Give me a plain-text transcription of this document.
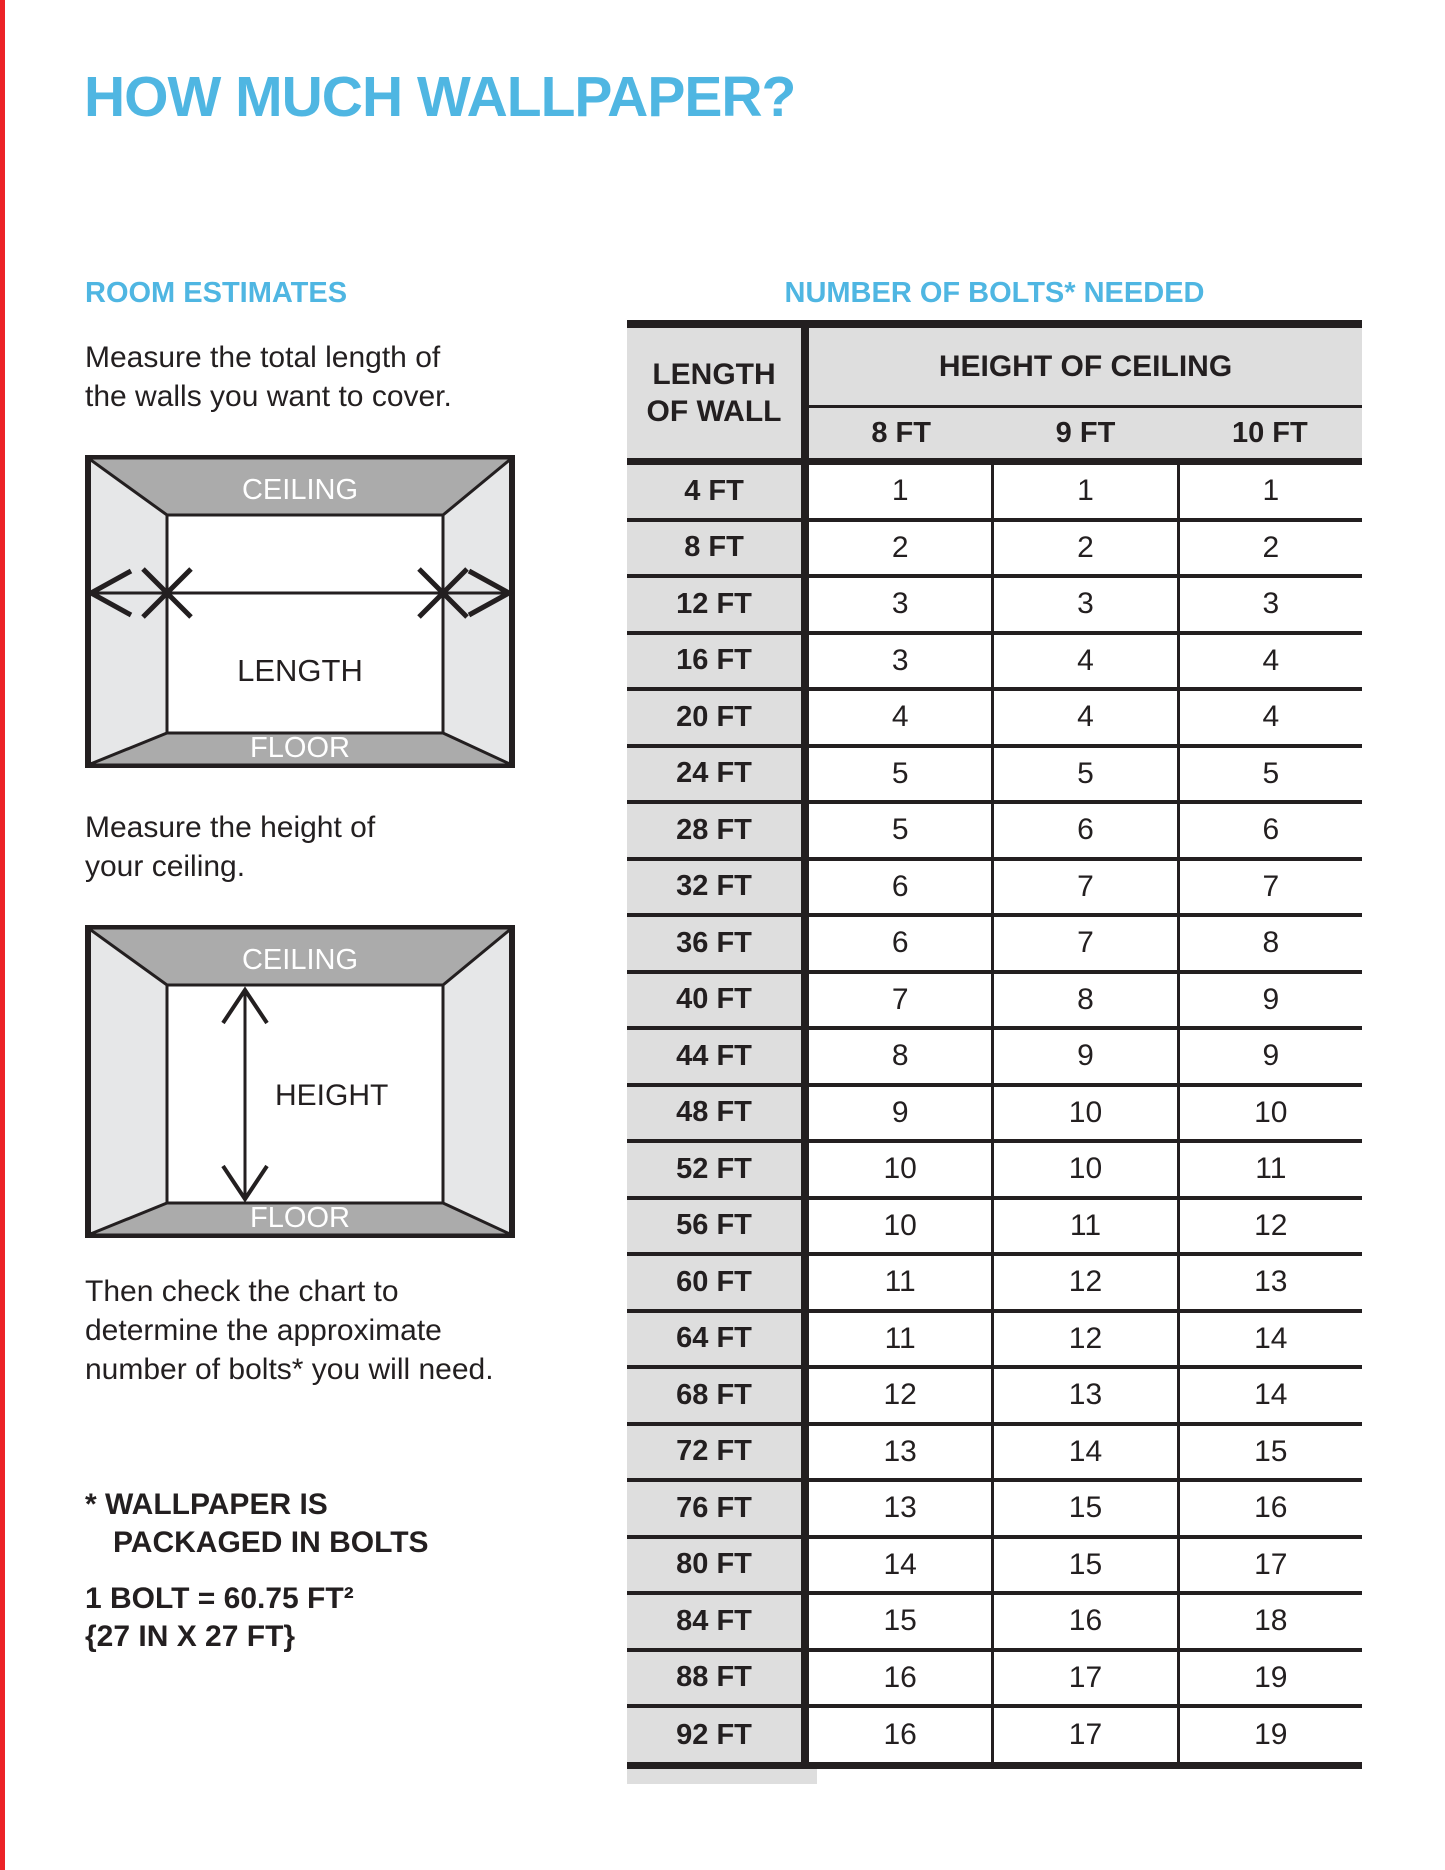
HOW MUCH WALLPAPER?
ROOM ESTIMATES	NUMBER OF BOLTS* NEEDED

Measure the total length of
the walls you want to cover.
CEILING
FLOOR
LENGTH
Measure the height of
your ceiling.
CEILING
FLOOR
HEIGHT
Then check the chart to
determine the approximate
number of bolts* you will need.
* WALLPAPER IS
PACKAGED IN BOLTS
1 BOLT = 60.75 FT²
{27 IN X 27 FT}
LENGTH
OF WALL
HEIGHT OF CEILING
8 FT	9 FT	10 FT
4 FT	1	1	1
8 FT	2	2	2
12 FT	3	3	3
16 FT	3	4	4
20 FT	4	4	4
24 FT	5	5	5
28 FT	5	6	6
32 FT	6	7	7
36 FT	6	7	8
40 FT	7	8	9
44 FT	8	9	9
48 FT	9	10	10
52 FT	10	10	11
56 FT	10	11	12
60 FT	11	12	13
64 FT	11	12	14
68 FT	12	13	14
72 FT	13	14	15
76 FT	13	15	16
80 FT	14	15	17
84 FT	15	16	18
88 FT	16	17	19
92 FT	16	17	19
